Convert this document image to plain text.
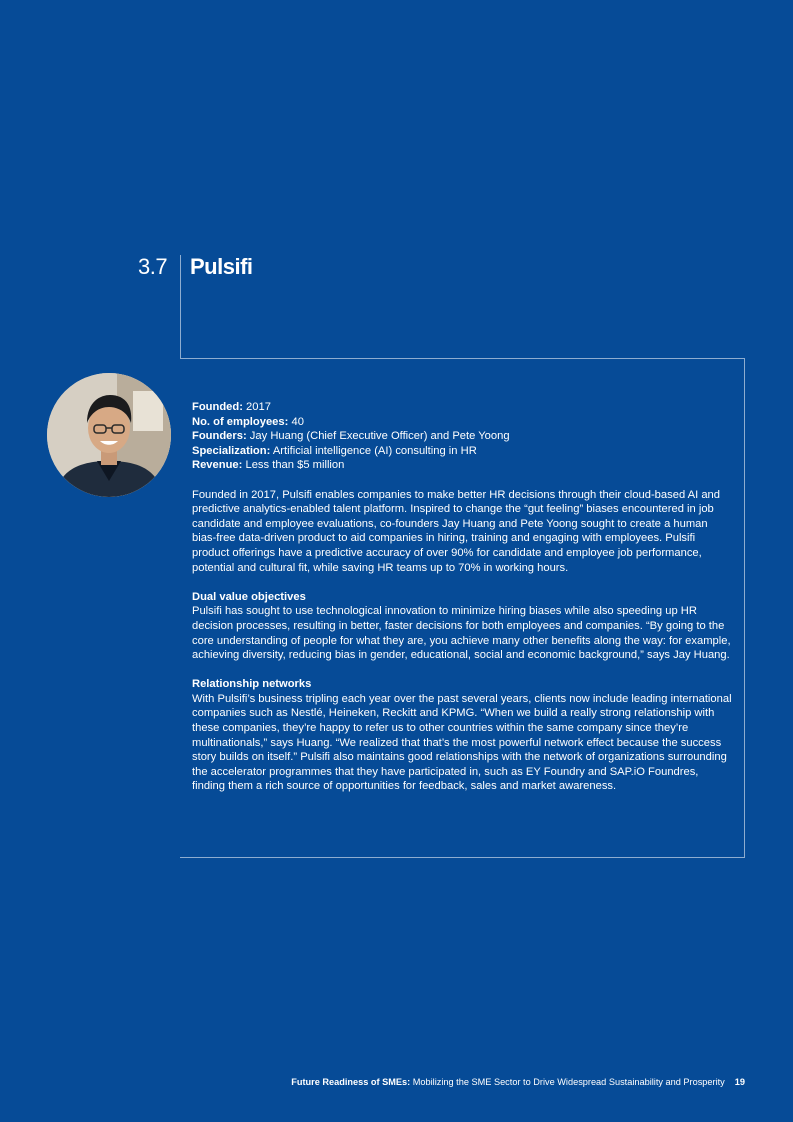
3.7 Pulsifi

Founded: 2017

No. of employees: 40

Founders: Jay Huang (Chief Executive Officer) and Pete Yoong

Specialization: Artificial intelligence (AI) consulting in HR

Revenue: Less than $5 million

Founded in 2017, Pulsifi enables companies to make better HR decisions through their cloud-based AI and predictive analytics-enabled talent platform. Inspired to change the “gut feeling” biases encountered in job candidate and employee evaluations, co-founders Jay Huang and Pete Yoong sought to create a human bias-free data-driven product to aid companies in hiring, training and engaging with employees. Pulsifi product offerings have a predictive accuracy of over 90% for candidate and employee job performance, potential and cultural fit, while saving HR teams up to 70% in working hours.

Dual value objectives

Pulsifi has sought to use technological innovation to minimize hiring biases while also speeding up HR decision processes, resulting in better, faster decisions for both employees and companies. “By going to the core understanding of people for what they are, you achieve many other benefits along the way: for example, achieving diversity, reducing bias in gender, educational, social and economic background,” says Jay Huang.

Relationship networks

With Pulsifi’s business tripling each year over the past several years, clients now include leading international companies such as Nestlé, Heineken, Reckitt and KPMG. “When we build a really strong relationship with these companies, they’re happy to refer us to other countries within the same company since they’re multinationals,” says Huang. “We realized that that’s the most powerful network effect because the success story builds on itself.” Pulsifi also maintains good relationships with the network of organizations surrounding the accelerator programmes that they have participated in, such as EY Foundry and SAP.iO Foundres, finding them a rich source of opportunities for feedback, sales and market awareness.

Future Readiness of SMEs: Mobilizing the SME Sector to Drive Widespread Sustainability and Prosperity 19
